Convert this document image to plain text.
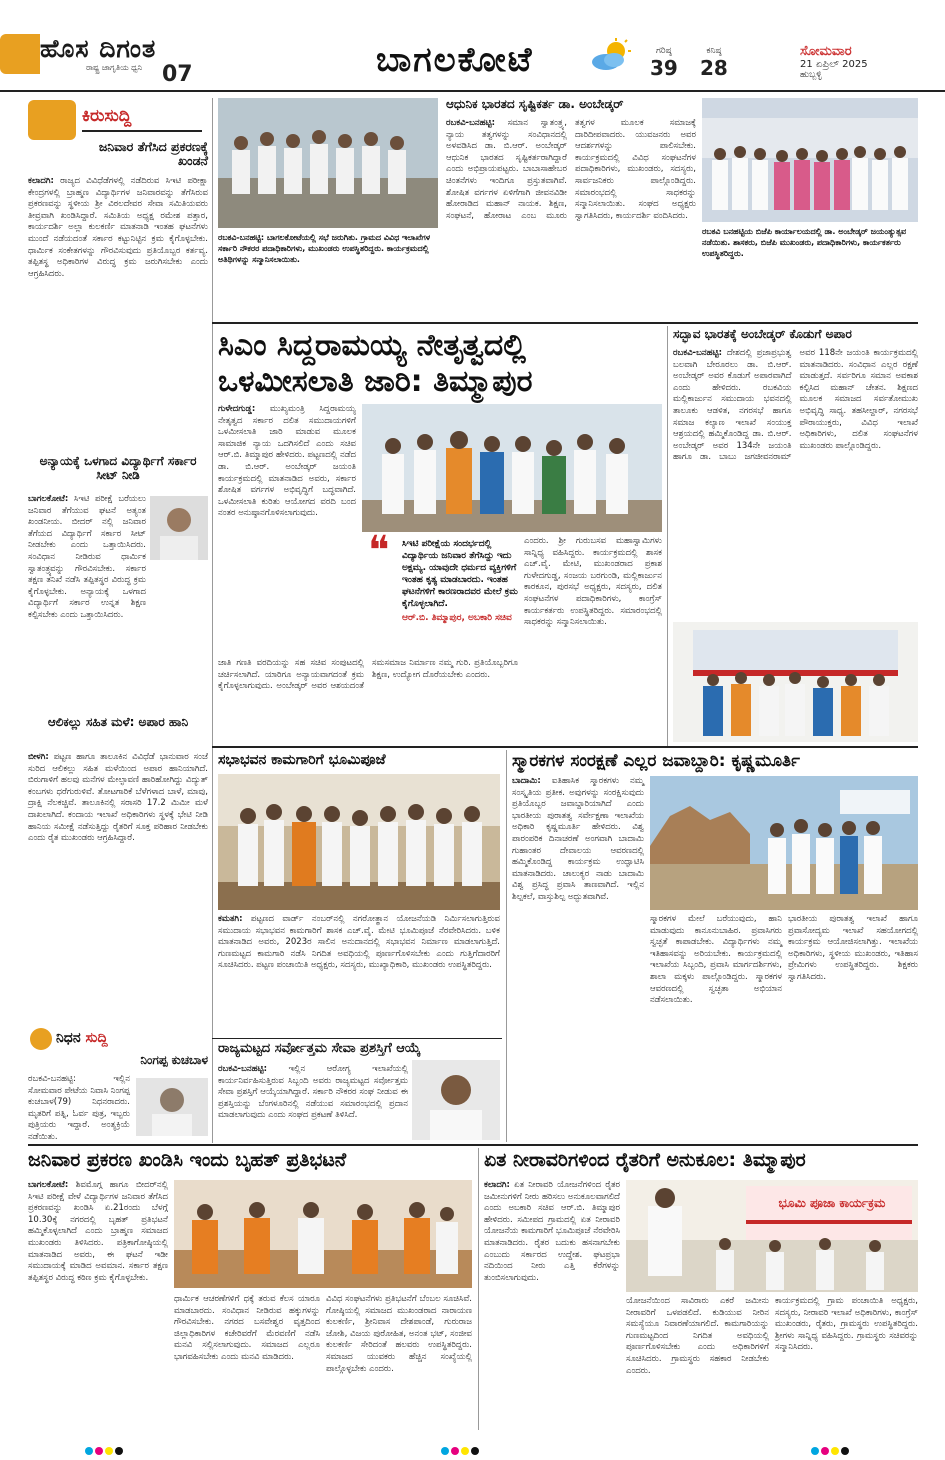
ಹೊಸ ದಿಗಂತ
ರಾಷ್ಟ್ರ ಜಾಗೃತಿಯ ಧ್ವನಿ 07	ಬಾಗಲಕೋಟೆ	ಗರಿಷ್ಠ
39
ಕನಿಷ್ಠ
28
ಸೋಮವಾರ
21 ಏಪ್ರಿಲ್ 2025
ಹುಬ್ಬಳ್ಳಿ
ಕಿರುಸುದ್ದಿ
ಜನಿವಾರ ತೆಗೆಸಿದ ಪ್ರಕರಣಕ್ಕೆ ಖಂಡನೆ
ಕಲಾದಗಿ: ರಾಜ್ಯದ ವಿವಿಧೆಡೆಗಳಲ್ಲಿ ನಡೆದಿರುವ ಸಿಇಟಿ ಪರೀಕ್ಷಾ ಕೇಂದ್ರಗಳಲ್ಲಿ ಬ್ರಾಹ್ಮಣ ವಿದ್ಯಾರ್ಥಿಗಳ ಜನಿವಾರವನ್ನು ತೆಗೆಸಿರುವ ಪ್ರಕರಣವನ್ನು ಸ್ಥಳೀಯ ಶ್ರೀ ವಿಠಲದೇವರ ಸೇವಾ ಸಮಿತಿಯವರು ತೀವ್ರವಾಗಿ ಖಂಡಿಸಿದ್ದಾರೆ. ಸಮಿತಿಯ ಅಧ್ಯಕ್ಷ ರಮೇಶ ಪತ್ತಾರ, ಕಾರ್ಯದರ್ಶಿ ಅಲ್ಲಾ ಕುಲಕರ್ಣಿ ಮಾತನಾಡಿ ಇಂತಹ ಘಟನೆಗಳು ಮುಂದೆ ನಡೆಯದಂತೆ ಸರ್ಕಾರ ಕಟ್ಟುನಿಟ್ಟಿನ ಕ್ರಮ ಕೈಗೊಳ್ಳಬೇಕು. ಧಾರ್ಮಿಕ ಸಂಕೇತಗಳನ್ನು ಗೌರವಿಸುವುದು ಪ್ರತಿಯೊಬ್ಬರ ಕರ್ತವ್ಯ. ತಪ್ಪಿತಸ್ಥ ಅಧಿಕಾರಿಗಳ ವಿರುದ್ಧ ಕ್ರಮ ಜರುಗಿಸಬೇಕು ಎಂದು ಆಗ್ರಹಿಸಿದರು.
ಅನ್ಯಾಯಕ್ಕೆ ಒಳಗಾದ ವಿದ್ಯಾರ್ಥಿಗೆ ಸರ್ಕಾರ ಸೀಟ್ ನೀಡಿ
ಬಾಗಲಕೋಟೆ: ಸಿಇಟಿ ಪರೀಕ್ಷೆ ಬರೆಯಲು ಜನಿವಾರ ತೆಗೆಯುವ ಘಟನೆ ಅತ್ಯಂತ ಖಂಡನೀಯ. ಬೀದರ್ ನಲ್ಲಿ ಜನಿವಾರ ತೆಗೆಯದ ವಿದ್ಯಾರ್ಥಿಗೆ ಸರ್ಕಾರ ಸೀಟ್ ನೀಡಬೇಕು ಎಂದು ಒತ್ತಾಯಿಸಿದರು. ಸಂವಿಧಾನ ನೀಡಿರುವ ಧಾರ್ಮಿಕ ಸ್ವಾತಂತ್ರ್ಯವನ್ನು ಗೌರವಿಸಬೇಕು. ಸರ್ಕಾರ ತಕ್ಷಣ ತನಿಖೆ ನಡೆಸಿ ತಪ್ಪಿತಸ್ಥರ ವಿರುದ್ಧ ಕ್ರಮ ಕೈಗೊಳ್ಳಬೇಕು. ಅನ್ಯಾಯಕ್ಕೆ ಒಳಗಾದ ವಿದ್ಯಾರ್ಥಿಗೆ ಸರ್ಕಾರ ಉನ್ನತ ಶಿಕ್ಷಣ ಕಲ್ಪಿಸಬೇಕು ಎಂದು ಒತ್ತಾಯಿಸಿದರು.
ಆಲಿಕಲ್ಲು ಸಹಿತ ಮಳೆ: ಅಪಾರ ಹಾನಿ
ಬೀಳಗಿ: ಪಟ್ಟಣ ಹಾಗೂ ತಾಲೂಕಿನ ವಿವಿಧೆಡೆ ಭಾನುವಾರ ಸಂಜೆ ಸುರಿದ ಆಲಿಕಲ್ಲು ಸಹಿತ ಮಳೆಯಿಂದ ಅಪಾರ ಹಾನಿಯಾಗಿದೆ. ಬಿರುಗಾಳಿಗೆ ಹಲವು ಮನೆಗಳ ಮೇಲ್ಛಾವಣಿ ಹಾರಿಹೋಗಿದ್ದು ವಿದ್ಯುತ್ ಕಂಬಗಳು ಧರೆಗುರುಳಿವೆ. ತೋಟಗಾರಿಕೆ ಬೆಳೆಗಳಾದ ಬಾಳೆ, ಮಾವು, ದ್ರಾಕ್ಷಿ ನೆಲಕಚ್ಚಿವೆ. ತಾಲೂಕಿನಲ್ಲಿ ಸರಾಸರಿ 17.2 ಮಿಮೀ ಮಳೆ ದಾಖಲಾಗಿದೆ. ಕಂದಾಯ ಇಲಾಖೆ ಅಧಿಕಾರಿಗಳು ಸ್ಥಳಕ್ಕೆ ಭೇಟಿ ನೀಡಿ ಹಾನಿಯ ಸಮೀಕ್ಷೆ ನಡೆಸುತ್ತಿದ್ದು ರೈತರಿಗೆ ಸೂಕ್ತ ಪರಿಹಾರ ನೀಡಬೇಕು ಎಂದು ರೈತ ಮುಖಂಡರು ಆಗ್ರಹಿಸಿದ್ದಾರೆ.
ನಿಧನ ಸುದ್ದಿ
ನಿಂಗಪ್ಪ ಕುಚಬಾಳ
ರಬಕವಿ-ಬನಹಟ್ಟಿ: ಇಲ್ಲಿನ ಸೋಮವಾರ ಪೇಟೆಯ ನಿವಾಸಿ ನಿಂಗಪ್ಪ ಕುಚಬಾಳ(79) ನಿಧನರಾದರು. ಮೃತರಿಗೆ ಪತ್ನಿ, ಓರ್ವ ಪುತ್ರ, ಇಬ್ಬರು ಪುತ್ರಿಯರು ಇದ್ದಾರೆ. ಅಂತ್ಯಕ್ರಿಯೆ ನಡೆಯಿತು.
ರಬಕವಿ-ಬನಹಟ್ಟಿ: ಬಾಗಲಕೋಟೆಯಲ್ಲಿ ಸಭೆ ಜರುಗಿತು. ಗ್ರಾಮದ ವಿವಿಧ ಇಲಾಖೆಗಳ ಸರ್ಕಾರಿ ನೌಕರರ ಪದಾಧಿಕಾರಿಗಳು, ಮುಖಂಡರು ಉಪಸ್ಥಿತರಿದ್ದರು. ಕಾರ್ಯಕ್ರಮದಲ್ಲಿ ಅತಿಥಿಗಳನ್ನು ಸನ್ಮಾನಿಸಲಾಯಿತು.
ಆಧುನಿಕ ಭಾರತದ ಸೃಷ್ಟಿಕರ್ತ ಡಾ. ಅಂಬೇಡ್ಕರ್
ರಬಕವಿ-ಬನಹಟ್ಟಿ: ಸಮಾನ ಸ್ವಾತಂತ್ರ್ಯ, ನ್ಯಾಯ ತತ್ವಗಳನ್ನು ಸಂವಿಧಾನದಲ್ಲಿ ಅಳವಡಿಸಿದ ಡಾ. ಬಿ.ಆರ್. ಅಂಬೇಡ್ಕರ್ ಆಧುನಿಕ ಭಾರತದ ಸೃಷ್ಟಿಕರ್ತರಾಗಿದ್ದಾರೆ ಎಂದು ಅಭಿಪ್ರಾಯಪಟ್ಟರು. ಬಾಬಾಸಾಹೇಬರ ಚಿಂತನೆಗಳು ಇಂದಿಗೂ ಪ್ರಸ್ತುತವಾಗಿವೆ. ಶೋಷಿತ ವರ್ಗಗಳ ಏಳಿಗೆಗಾಗಿ ಜೀವನವಿಡೀ ಹೋರಾಡಿದ ಮಹಾನ್ ನಾಯಕ. ಶಿಕ್ಷಣ, ಸಂಘಟನೆ, ಹೋರಾಟ ಎಂಬ ಮೂರು ತತ್ವಗಳ ಮೂಲಕ ಸಮಾಜಕ್ಕೆ ದಾರಿದೀಪವಾದರು. ಯುವಜನರು ಅವರ ಆದರ್ಶಗಳನ್ನು ಪಾಲಿಸಬೇಕು. ಕಾರ್ಯಕ್ರಮದಲ್ಲಿ ವಿವಿಧ ಸಂಘಟನೆಗಳ ಪದಾಧಿಕಾರಿಗಳು, ಮುಖಂಡರು, ಸದಸ್ಯರು, ಸಾರ್ವಜನಿಕರು ಪಾಲ್ಗೊಂಡಿದ್ದರು. ಸಮಾರಂಭದಲ್ಲಿ ಸಾಧಕರನ್ನು ಸನ್ಮಾನಿಸಲಾಯಿತು. ಸಂಘದ ಅಧ್ಯಕ್ಷರು ಸ್ವಾಗತಿಸಿದರು, ಕಾರ್ಯದರ್ಶಿ ವಂದಿಸಿದರು.
ರಬಕವಿ ಬನಹಟ್ಟಿಯ ಬಿಜೆಪಿ ಕಾರ್ಯಾಲಯದಲ್ಲಿ ಡಾ. ಅಂಬೇಡ್ಕರ್ ಜಯಂತ್ಯುತ್ಸವ ನಡೆಯಿತು. ಶಾಸಕರು, ಬಿಜೆಪಿ ಮುಖಂಡರು, ಪದಾಧಿಕಾರಿಗಳು, ಕಾರ್ಯಕರ್ತರು ಉಪಸ್ಥಿತರಿದ್ದರು.
ಸಿಎಂ ಸಿದ್ದರಾಮಯ್ಯ ನೇತೃತ್ವದಲ್ಲಿ ಒಳಮೀಸಲಾತಿ ಜಾರಿ: ತಿಮ್ಮಾಪುರ
ಗುಳೇದಗುಡ್ಡ: ಮುಖ್ಯಮಂತ್ರಿ ಸಿದ್ದರಾಮಯ್ಯ ನೇತೃತ್ವದ ಸರ್ಕಾರ ದಲಿತ ಸಮುದಾಯಗಳಿಗೆ ಒಳಮೀಸಲಾತಿ ಜಾರಿ ಮಾಡುವ ಮೂಲಕ ಸಾಮಾಜಿಕ ನ್ಯಾಯ ಒದಗಿಸಲಿದೆ ಎಂದು ಸಚಿವ ಆರ್.ಬಿ. ತಿಮ್ಮಾಪುರ ಹೇಳಿದರು. ಪಟ್ಟಣದಲ್ಲಿ ನಡೆದ ಡಾ. ಬಿ.ಆರ್. ಅಂಬೇಡ್ಕರ್ ಜಯಂತಿ ಕಾರ್ಯಕ್ರಮದಲ್ಲಿ ಮಾತನಾಡಿದ ಅವರು, ಸರ್ಕಾರ ಶೋಷಿತ ವರ್ಗಗಳ ಅಭಿವೃದ್ಧಿಗೆ ಬದ್ಧವಾಗಿದೆ. ಒಳಮೀಸಲಾತಿ ಕುರಿತು ಆಯೋಗದ ವರದಿ ಬಂದ ನಂತರ ಅನುಷ್ಠಾನಗೊಳಿಸಲಾಗುವುದು.
❝	ಸಿಇಟಿ ಪರೀಕ್ಷೆಯ ಸಂದರ್ಭದಲ್ಲಿ ವಿದ್ಯಾರ್ಥಿಯ ಜನಿವಾರ ತೆಗೆಸಿದ್ದು ಇದು ಅಕ್ಷಮ್ಯ. ಯಾವುದೇ ಧರ್ಮದ ವ್ಯಕ್ತಿಗಳಿಗೆ ಇಂತಹ ಕೃತ್ಯ ಮಾಡಬಾರದು. ಇಂತಹ ಘಟನೆಗಳಿಗೆ ಕಾರಣರಾದವರ ಮೇಲೆ ಕ್ರಮ ಕೈಗೊಳ್ಳಲಾಗಿದೆ.
ಆರ್.ಬಿ. ತಿಮ್ಮಾಪುರ, ಅಬಕಾರಿ ಸಚಿವ
ಎಂದರು. ಶ್ರೀ ಗುರುಬಸವ ಮಹಾಸ್ವಾಮಿಗಳು ಸಾನ್ನಿಧ್ಯ ವಹಿಸಿದ್ದರು. ಕಾರ್ಯಕ್ರಮದಲ್ಲಿ ಶಾಸಕ ಎಚ್.ವೈ. ಮೇಟಿ, ಮುಖಂಡರಾದ ಪ್ರಕಾಶ ಗುಳೇದಗುಡ್ಡ, ಸಂಜಯ ಬರಗುಂಡಿ, ಮಲ್ಲಿಕಾರ್ಜುನ ಕಾರಕೂನ, ಪುರಸಭೆ ಅಧ್ಯಕ್ಷರು, ಸದಸ್ಯರು, ದಲಿತ ಸಂಘಟನೆಗಳ ಪದಾಧಿಕಾರಿಗಳು, ಕಾಂಗ್ರೆಸ್ ಕಾರ್ಯಕರ್ತರು ಉಪಸ್ಥಿತರಿದ್ದರು. ಸಮಾರಂಭದಲ್ಲಿ ಸಾಧಕರನ್ನು ಸನ್ಮಾನಿಸಲಾಯಿತು.
ಜಾತಿ ಗಣತಿ ವರದಿಯನ್ನು ಸಹ ಸಚಿವ ಸಂಪುಟದಲ್ಲಿ ಚರ್ಚಿಸಲಾಗಿದೆ. ಯಾರಿಗೂ ಅನ್ಯಾಯವಾಗದಂತೆ ಕ್ರಮ ಕೈಗೊಳ್ಳಲಾಗುವುದು. ಅಂಬೇಡ್ಕರ್ ಅವರ ಆಶಯದಂತೆ ಸಮಸಮಾಜ ನಿರ್ಮಾಣ ನಮ್ಮ ಗುರಿ. ಪ್ರತಿಯೊಬ್ಬರಿಗೂ ಶಿಕ್ಷಣ, ಉದ್ಯೋಗ ದೊರೆಯಬೇಕು ಎಂದರು.
ಸದ್ಭಾವ ಭಾರತಕ್ಕೆ ಅಂಬೇಡ್ಕರ್ ಕೊಡುಗೆ ಅಪಾರ
ರಬಕವಿ-ಬನಹಟ್ಟಿ: ದೇಶದಲ್ಲಿ ಪ್ರಜಾಪ್ರಭುತ್ವ ಬಲವಾಗಿ ಬೇರೂರಲು ಡಾ. ಬಿ.ಆರ್. ಅಂಬೇಡ್ಕರ್ ಅವರ ಕೊಡುಗೆ ಅಪಾರವಾಗಿದೆ ಎಂದು ಹೇಳಿದರು. ರಬಕವಿಯ ಮಲ್ಲಿಕಾರ್ಜುನ ಸಮುದಾಯ ಭವನದಲ್ಲಿ ತಾಲೂಕು ಆಡಳಿತ, ನಗರಸಭೆ ಹಾಗೂ ಸಮಾಜ ಕಲ್ಯಾಣ ಇಲಾಖೆ ಸಂಯುಕ್ತ ಆಶ್ರಯದಲ್ಲಿ ಹಮ್ಮಿಕೊಂಡಿದ್ದ ಡಾ. ಬಿ.ಆರ್. ಅಂಬೇಡ್ಕರ್ ಅವರ 134ನೇ ಜಯಂತಿ ಹಾಗೂ ಡಾ. ಬಾಬು ಜಗಜೀವನರಾಮ್ ಅವರ 118ನೇ ಜಯಂತಿ ಕಾರ್ಯಕ್ರಮದಲ್ಲಿ ಮಾತನಾಡಿದರು. ಸಂವಿಧಾನ ಎಲ್ಲರ ರಕ್ಷಣೆ ಮಾಡುತ್ತದೆ. ಸರ್ವರಿಗೂ ಸಮಾನ ಅವಕಾಶ ಕಲ್ಪಿಸಿದ ಮಹಾನ್ ಚೇತನ. ಶಿಕ್ಷಣದ ಮೂಲಕ ಸಮಾಜದ ಸರ್ವತೋಮುಖ ಅಭಿವೃದ್ಧಿ ಸಾಧ್ಯ. ತಹಸೀಲ್ದಾರ್, ನಗರಸಭೆ ಪೌರಾಯುಕ್ತರು, ವಿವಿಧ ಇಲಾಖೆ ಅಧಿಕಾರಿಗಳು, ದಲಿತ ಸಂಘಟನೆಗಳ ಮುಖಂಡರು ಪಾಲ್ಗೊಂಡಿದ್ದರು.
ಸಭಾಭವನ ಕಾಮಗಾರಿಗೆ ಭೂಮಿಪೂಜೆ
ಕಮತಗಿ: ಪಟ್ಟಣದ ವಾರ್ಡ್ ನಂಬರ್‌ನಲ್ಲಿ ನಗರೋತ್ಥಾನ ಯೋಜನೆಯಡಿ ನಿರ್ಮಿಸಲಾಗುತ್ತಿರುವ ಸಮುದಾಯ ಸಭಾಭವನ ಕಾಮಗಾರಿಗೆ ಶಾಸಕ ಎಚ್.ವೈ. ಮೇಟಿ ಭೂಮಿಪೂಜೆ ನೆರವೇರಿಸಿದರು. ಬಳಿಕ ಮಾತನಾಡಿದ ಅವರು, 2023ರ ಸಾಲಿನ ಅನುದಾನದಲ್ಲಿ ಸಭಾಭವನ ನಿರ್ಮಾಣ ಮಾಡಲಾಗುತ್ತಿದೆ. ಗುಣಮಟ್ಟದ ಕಾಮಗಾರಿ ನಡೆಸಿ ನಿಗದಿತ ಅವಧಿಯಲ್ಲಿ ಪೂರ್ಣಗೊಳಿಸಬೇಕು ಎಂದು ಗುತ್ತಿಗೆದಾರರಿಗೆ ಸೂಚಿಸಿದರು. ಪಟ್ಟಣ ಪಂಚಾಯಿತಿ ಅಧ್ಯಕ್ಷರು, ಸದಸ್ಯರು, ಮುಖ್ಯಾಧಿಕಾರಿ, ಮುಖಂಡರು ಉಪಸ್ಥಿತರಿದ್ದರು.
ಸ್ಮಾರಕಗಳ ಸಂರಕ್ಷಣೆ ಎಲ್ಲರ ಜವಾಬ್ದಾರಿ: ಕೃಷ್ಣಮೂರ್ತಿ
ಬಾದಾಮಿ: ಐತಿಹಾಸಿಕ ಸ್ಮಾರಕಗಳು ನಮ್ಮ ಸಂಸ್ಕೃತಿಯ ಪ್ರತೀಕ. ಅವುಗಳನ್ನು ಸಂರಕ್ಷಿಸುವುದು ಪ್ರತಿಯೊಬ್ಬರ ಜವಾಬ್ದಾರಿಯಾಗಿದೆ ಎಂದು ಭಾರತೀಯ ಪುರಾತತ್ವ ಸರ್ವೇಕ್ಷಣಾ ಇಲಾಖೆಯ ಅಧಿಕಾರಿ ಕೃಷ್ಣಮೂರ್ತಿ ಹೇಳಿದರು. ವಿಶ್ವ ಪಾರಂಪರಿಕ ದಿನಾಚರಣೆ ಅಂಗವಾಗಿ ಬಾದಾಮಿ ಗುಹಾಂತರ ದೇವಾಲಯ ಆವರಣದಲ್ಲಿ ಹಮ್ಮಿಕೊಂಡಿದ್ದ ಕಾರ್ಯಕ್ರಮ ಉದ್ಘಾಟಿಸಿ ಮಾತನಾಡಿದರು. ಚಾಲುಕ್ಯರ ನಾಡು ಬಾದಾಮಿ ವಿಶ್ವ ಪ್ರಸಿದ್ಧ ಪ್ರವಾಸಿ ತಾಣವಾಗಿದೆ. ಇಲ್ಲಿನ ಶಿಲ್ಪಕಲೆ, ವಾಸ್ತುಶಿಲ್ಪ ಅದ್ಭುತವಾಗಿವೆ.
ಸ್ಮಾರಕಗಳ ಮೇಲೆ ಬರೆಯುವುದು, ಹಾನಿ ಮಾಡುವುದು ಕಾನೂನುಬಾಹಿರ. ಪ್ರವಾಸಿಗರು ಸ್ವಚ್ಛತೆ ಕಾಪಾಡಬೇಕು. ವಿದ್ಯಾರ್ಥಿಗಳು ನಮ್ಮ ಇತಿಹಾಸವನ್ನು ಅರಿಯಬೇಕು. ಕಾರ್ಯಕ್ರಮದಲ್ಲಿ ಇಲಾಖೆಯ ಸಿಬ್ಬಂದಿ, ಪ್ರವಾಸಿ ಮಾರ್ಗದರ್ಶಿಗಳು, ಶಾಲಾ ಮಕ್ಕಳು ಪಾಲ್ಗೊಂಡಿದ್ದರು. ಸ್ಮಾರಕಗಳ ಆವರಣದಲ್ಲಿ ಸ್ವಚ್ಛತಾ ಅಭಿಯಾನ ನಡೆಸಲಾಯಿತು.
ಭಾರತೀಯ ಪುರಾತತ್ವ ಇಲಾಖೆ ಹಾಗೂ ಪ್ರವಾಸೋದ್ಯಮ ಇಲಾಖೆ ಸಹಯೋಗದಲ್ಲಿ ಕಾರ್ಯಕ್ರಮ ಆಯೋಜಿಸಲಾಗಿತ್ತು. ಇಲಾಖೆಯ ಅಧಿಕಾರಿಗಳು, ಸ್ಥಳೀಯ ಮುಖಂಡರು, ಇತಿಹಾಸ ಪ್ರೇಮಿಗಳು ಉಪಸ್ಥಿತರಿದ್ದರು. ಶಿಕ್ಷಕರು ಸ್ವಾಗತಿಸಿದರು.
ರಾಜ್ಯಮಟ್ಟದ ಸರ್ವೋತ್ತಮ ಸೇವಾ ಪ್ರಶಸ್ತಿಗೆ ಆಯ್ಕೆ
ರಬಕವಿ-ಬನಹಟ್ಟಿ:	ಇಲ್ಲಿನ ಆರೋಗ್ಯ ಇಲಾಖೆಯಲ್ಲಿ ಕಾರ್ಯನಿರ್ವಹಿಸುತ್ತಿರುವ ಸಿಬ್ಬಂದಿ ಅವರು ರಾಜ್ಯಮಟ್ಟದ ಸರ್ವೋತ್ತಮ ಸೇವಾ ಪ್ರಶಸ್ತಿಗೆ ಆಯ್ಕೆಯಾಗಿದ್ದಾರೆ. ಸರ್ಕಾರಿ ನೌಕರರ ಸಂಘ ನೀಡುವ ಈ ಪ್ರಶಸ್ತಿಯನ್ನು ಬೆಂಗಳೂರಿನಲ್ಲಿ ನಡೆಯುವ ಸಮಾರಂಭದಲ್ಲಿ ಪ್ರದಾನ ಮಾಡಲಾಗುವುದು ಎಂದು ಸಂಘದ ಪ್ರಕಟಣೆ ತಿಳಿಸಿದೆ.
ಜನಿವಾರ ಪ್ರಕರಣ ಖಂಡಿಸಿ ಇಂದು ಬೃಹತ್ ಪ್ರತಿಭಟನೆ
ಬಾಗಲಕೋಟೆ: ಶಿವಮೊಗ್ಗ ಹಾಗೂ ಬೀದರ್‌ನಲ್ಲಿ ಸಿಇಟಿ ಪರೀಕ್ಷೆ ವೇಳೆ ವಿದ್ಯಾರ್ಥಿಗಳ ಜನಿವಾರ ತೆಗೆಸಿದ ಪ್ರಕರಣವನ್ನು ಖಂಡಿಸಿ ಏ.21ರಂದು ಬೆಳಗ್ಗೆ 10.30ಕ್ಕೆ ನಗರದಲ್ಲಿ ಬೃಹತ್ ಪ್ರತಿಭಟನೆ ಹಮ್ಮಿಕೊಳ್ಳಲಾಗಿದೆ ಎಂದು ಬ್ರಾಹ್ಮಣ ಸಮಾಜದ ಮುಖಂಡರು ತಿಳಿಸಿದರು. ಪತ್ರಿಕಾಗೋಷ್ಠಿಯಲ್ಲಿ ಮಾತನಾಡಿದ ಅವರು, ಈ ಘಟನೆ ಇಡೀ ಸಮುದಾಯಕ್ಕೆ ಮಾಡಿದ ಅವಮಾನ. ಸರ್ಕಾರ ತಕ್ಷಣ ತಪ್ಪಿತಸ್ಥರ ವಿರುದ್ಧ ಕಠಿಣ ಕ್ರಮ ಕೈಗೊಳ್ಳಬೇಕು.
ಧಾರ್ಮಿಕ ಆಚರಣೆಗಳಿಗೆ ಧಕ್ಕೆ ತರುವ ಕೆಲಸ ಯಾರೂ ಮಾಡಬಾರದು. ಸಂವಿಧಾನ ನೀಡಿರುವ ಹಕ್ಕುಗಳನ್ನು ಗೌರವಿಸಬೇಕು. ನಗರದ ಬಸವೇಶ್ವರ ವೃತ್ತದಿಂದ ಜಿಲ್ಲಾಧಿಕಾರಿಗಳ ಕಚೇರಿವರೆಗೆ ಮೆರವಣಿಗೆ ನಡೆಸಿ ಮನವಿ ಸಲ್ಲಿಸಲಾಗುವುದು. ಸಮಾಜದ ಎಲ್ಲರೂ ಭಾಗವಹಿಸಬೇಕು ಎಂದು ಮನವಿ ಮಾಡಿದರು.
ವಿವಿಧ ಸಂಘಟನೆಗಳು ಪ್ರತಿಭಟನೆಗೆ ಬೆಂಬಲ ಸೂಚಿಸಿವೆ. ಗೋಷ್ಠಿಯಲ್ಲಿ ಸಮಾಜದ ಮುಖಂಡರಾದ ನಾರಾಯಣ ಕುಲಕರ್ಣಿ, ಶ್ರೀನಿವಾಸ ದೇಶಪಾಂಡೆ, ಗುರುರಾಜ ಜೋಶಿ, ವಿಜಯ ಪುರೋಹಿತ, ಅನಂತ ಭಟ್, ಸಂಜೀವ ಕುಲಕರ್ಣಿ ಸೇರಿದಂತೆ ಹಲವರು ಉಪಸ್ಥಿತರಿದ್ದರು. ಸಮಾಜದ ಯುವಕರು ಹೆಚ್ಚಿನ ಸಂಖ್ಯೆಯಲ್ಲಿ ಪಾಲ್ಗೊಳ್ಳಬೇಕು ಎಂದರು.
ಏತ ನೀರಾವರಿಗಳಿಂದ ರೈತರಿಗೆ ಅನುಕೂಲ: ತಿಮ್ಮಾಪುರ
ಕಲಾದಗಿ: ಏತ ನೀರಾವರಿ ಯೋಜನೆಗಳಿಂದ ರೈತರ ಜಮೀನುಗಳಿಗೆ ನೀರು ಹರಿಸಲು ಅನುಕೂಲವಾಗಲಿದೆ ಎಂದು ಅಬಕಾರಿ ಸಚಿವ ಆರ್.ಬಿ. ತಿಮ್ಮಾಪುರ ಹೇಳಿದರು. ಸಮೀಪದ ಗ್ರಾಮದಲ್ಲಿ ಏತ ನೀರಾವರಿ ಯೋಜನೆಯ ಕಾಮಗಾರಿಗೆ ಭೂಮಿಪೂಜೆ ನೆರವೇರಿಸಿ ಮಾತನಾಡಿದರು. ರೈತರ ಬದುಕು ಹಸನಾಗಬೇಕು ಎಂಬುದು ಸರ್ಕಾರದ ಉದ್ದೇಶ. ಘಟಪ್ರಭಾ ನದಿಯಿಂದ ನೀರು ಎತ್ತಿ ಕೆರೆಗಳನ್ನು ತುಂಬಿಸಲಾಗುವುದು.
ಭೂಮಿ ಪೂಜಾ ಕಾರ್ಯಕ್ರಮ
ಯೋಜನೆಯಿಂದ ಸಾವಿರಾರು ಎಕರೆ ಜಮೀನು ನೀರಾವರಿಗೆ ಒಳಪಡಲಿದೆ. ಕುಡಿಯುವ ನೀರಿನ ಸಮಸ್ಯೆಯೂ ನಿವಾರಣೆಯಾಗಲಿದೆ. ಕಾಮಗಾರಿಯನ್ನು ಗುಣಮಟ್ಟದಿಂದ ನಿಗದಿತ ಅವಧಿಯಲ್ಲಿ ಪೂರ್ಣಗೊಳಿಸಬೇಕು ಎಂದು ಅಧಿಕಾರಿಗಳಿಗೆ ಸೂಚಿಸಿದರು. ಗ್ರಾಮಸ್ಥರು ಸಹಕಾರ ನೀಡಬೇಕು ಎಂದರು.
ಕಾರ್ಯಕ್ರಮದಲ್ಲಿ ಗ್ರಾಮ ಪಂಚಾಯಿತಿ ಅಧ್ಯಕ್ಷರು, ಸದಸ್ಯರು, ನೀರಾವರಿ ಇಲಾಖೆ ಅಧಿಕಾರಿಗಳು, ಕಾಂಗ್ರೆಸ್ ಮುಖಂಡರು, ರೈತರು, ಗ್ರಾಮಸ್ಥರು ಉಪಸ್ಥಿತರಿದ್ದರು. ಶ್ರೀಗಳು ಸಾನ್ನಿಧ್ಯ ವಹಿಸಿದ್ದರು. ಗ್ರಾಮಸ್ಥರು ಸಚಿವರನ್ನು ಸನ್ಮಾನಿಸಿದರು.
